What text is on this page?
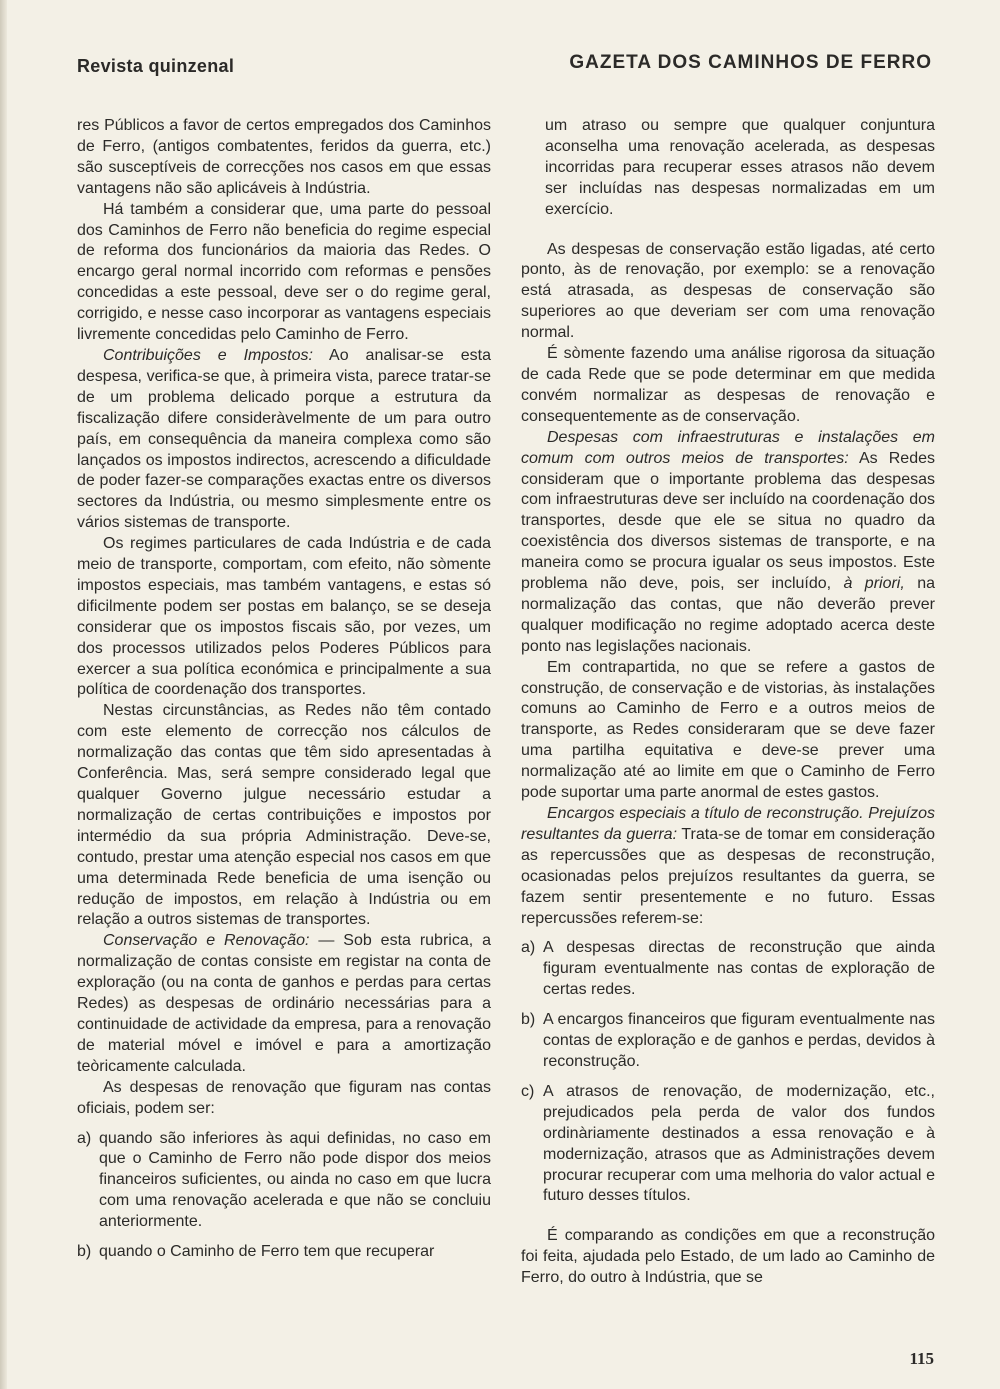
Revista quinzenal	GAZETA DOS CAMINHOS DE FERRO

res Públicos a favor de certos empregados dos Caminhos de Ferro, (antigos combatentes, feridos da guerra, etc.) são susceptíveis de correcções nos casos em que essas vantagens não são aplicáveis à Indústria.

Há também a considerar que, uma parte do pessoal dos Caminhos de Ferro não beneficia do regime especial de reforma dos funcionários da maioria das Redes. O encargo geral normal incorrido com reformas e pensões concedidas a este pessoal, deve ser o do regime geral, corrigido, e nesse caso incorporar as vantagens especiais livremente concedidas pelo Caminho de Ferro.

Contribuições e Impostos: Ao analisar-se esta despesa, verifica-se que, à primeira vista, parece tratar-se de um problema delicado porque a estrutura da fiscalização difere consideràvelmente de um para outro país, em consequência da maneira complexa como são lançados os impostos indirectos, acrescendo a dificuldade de poder fazer-se comparações exactas entre os diversos sectores da Indústria, ou mesmo simplesmente entre os vários sistemas de transporte.

Os regimes particulares de cada Indústria e de cada meio de transporte, comportam, com efeito, não sòmente impostos especiais, mas também vantagens, e estas só dificilmente podem ser postas em balanço, se se deseja considerar que os impostos fiscais são, por vezes, um dos processos utilizados pelos Poderes Públicos para exercer a sua política económica e principalmente a sua política de coordenação dos transportes.

Nestas circunstâncias, as Redes não têm contado com este elemento de correcção nos cálculos de normalização das contas que têm sido apresentadas à Conferência. Mas, será sempre considerado legal que qualquer Governo julgue necessário estudar a normalização de certas contribuições e impostos por intermédio da sua própria Administração. Deve-se, contudo, prestar uma atenção especial nos casos em que uma determinada Rede beneficia de uma isenção ou redução de impostos, em relação à Indústria ou em relação a outros sistemas de transportes.

Conservação e Renovação: — Sob esta rubrica, a normalização de contas consiste em registar na conta de exploração (ou na conta de ganhos e perdas para certas Redes) as despesas de ordinário necessárias para a continuidade de actividade da empresa, para a renovação de material móvel e imóvel e para a amortização teòricamente calculada.

As despesas de renovação que figuram nas contas oficiais, podem ser:

a) quando são inferiores às aqui definidas, no caso em que o Caminho de Ferro não pode dispor dos meios financeiros suficientes, ou ainda no caso em que lucra com uma renovação acelerada e que não se concluiu anteriormente.
b) quando o Caminho de Ferro tem que recuperar

um atraso ou sempre que qualquer conjuntura aconselha uma renovação acelerada, as despesas incorridas para recuperar esses atrasos não devem ser incluídas nas despesas normalizadas em um exercício.

As despesas de conservação estão ligadas, até certo ponto, às de renovação, por exemplo: se a renovação está atrasada, as despesas de conservação são superiores ao que deveriam ser com uma renovação normal.

É sòmente fazendo uma análise rigorosa da situação de cada Rede que se pode determinar em que medida convém normalizar as despesas de renovação e consequentemente as de conservação.

Despesas com infraestruturas e instalações em comum com outros meios de transportes: As Redes consideram que o importante problema das despesas com infraestruturas deve ser incluído na coordenação dos transportes, desde que ele se situa no quadro da coexistência dos diversos sistemas de transporte, e na maneira como se procura igualar os seus impostos. Este problema não deve, pois, ser incluído, à priori, na normalização das contas, que não deverão prever qualquer modificação no regime adoptado acerca deste ponto nas legislações nacionais.

Em contrapartida, no que se refere a gastos de construção, de conservação e de vistorias, às instalações comuns ao Caminho de Ferro e a outros meios de transporte, as Redes consideraram que se deve fazer uma partilha equitativa e deve-se prever uma normalização até ao limite em que o Caminho de Ferro pode suportar uma parte anormal de estes gastos.

Encargos especiais a título de reconstrução. Prejuízos resultantes da guerra: Trata-se de tomar em consideração as repercussões que as despesas de reconstrução, ocasionadas pelos prejuízos resultantes da guerra, se fazem sentir presentemente e no futuro. Essas repercussões referem-se:

a) A despesas directas de reconstrução que ainda figuram eventualmente nas contas de exploração de certas redes.
b) A encargos financeiros que figuram eventualmente nas contas de exploração e de ganhos e perdas, devidos à reconstrução.
c) A atrasos de renovação, de modernização, etc., prejudicados pela perda de valor dos fundos ordinàriamente destinados a essa renovação e à modernização, atrasos que as Administrações devem procurar recuperar com uma melhoria do valor actual e futuro desses títulos.

É comparando as condições em que a reconstrução foi feita, ajudada pelo Estado, de um lado ao Caminho de Ferro, do outro à Indústria, que se

115
